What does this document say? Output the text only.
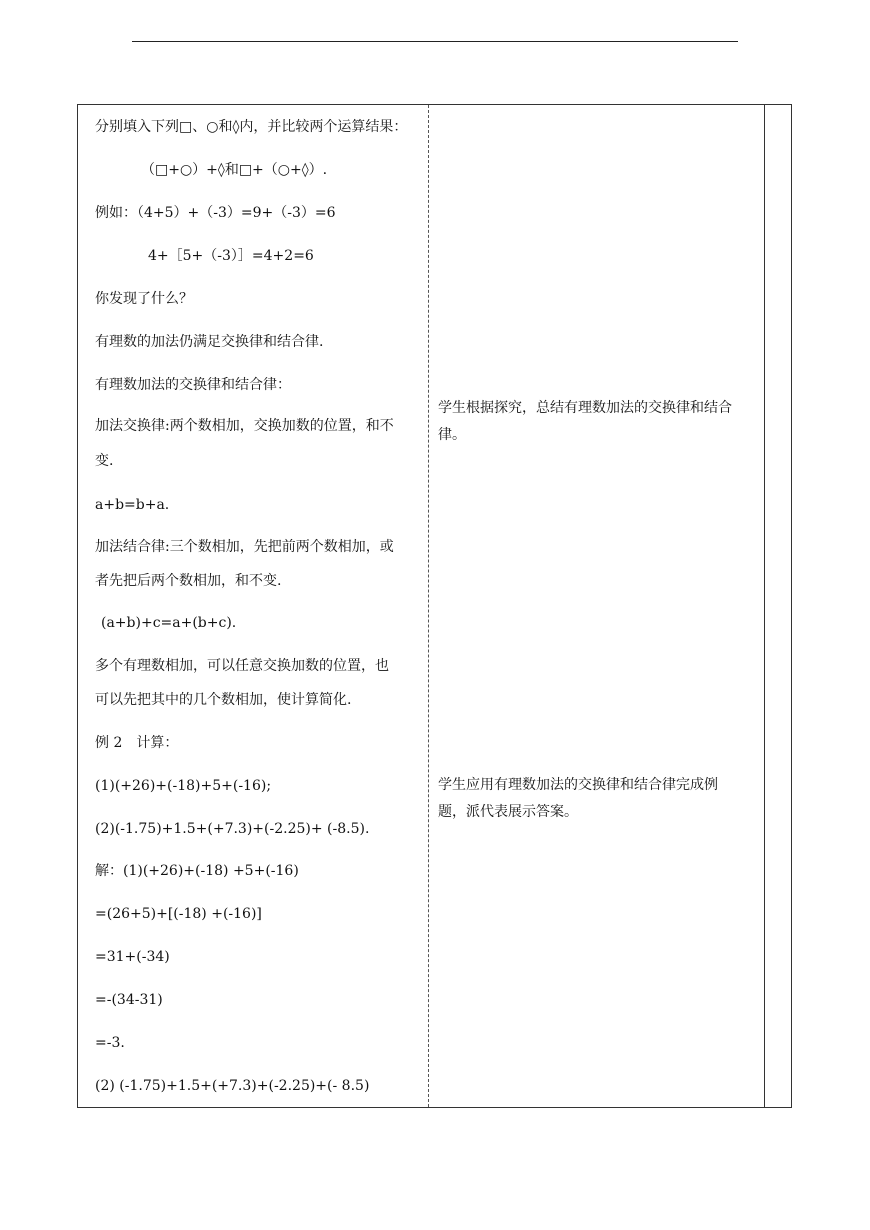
分别填入下列□、○和◊内，并比较两个运算结果：
（□+○）+◊和□+（○+◊）.
例如：（4+5）+（-3）=9+（-3）=6
4+［5+（-3）］=4+2=6
你发现了什么？
有理数的加法仍满足交换律和结合律.
有理数加法的交换律和结合律：
加法交换律:两个数相加，交换加数的位置，和不
变.
a+b=b+a.
加法结合律:三个数相加，先把前两个数相加，或
者先把后两个数相加，和不变.
(a+b)+c=a+(b+c).
多个有理数相加，可以任意交换加数的位置，也
可以先把其中的几个数相加，使计算简化.
例 2　计算：
(1)(+26)+(-18)+5+(-16);
(2)(-1.75)+1.5+(+7.3)+(-2.25)+ (-8.5).
解：(1)(+26)+(-18) +5+(-16)
=(26+5)+[(-18) +(-16)]
=31+(-34)
=-(34-31)
=-3.
(2) (-1.75)+1.5+(+7.3)+(-2.25)+(- 8.5)
学生根据探究，总结有理数加法的交换律和结合
律。
学生应用有理数加法的交换律和结合律完成例
题，派代表展示答案。
